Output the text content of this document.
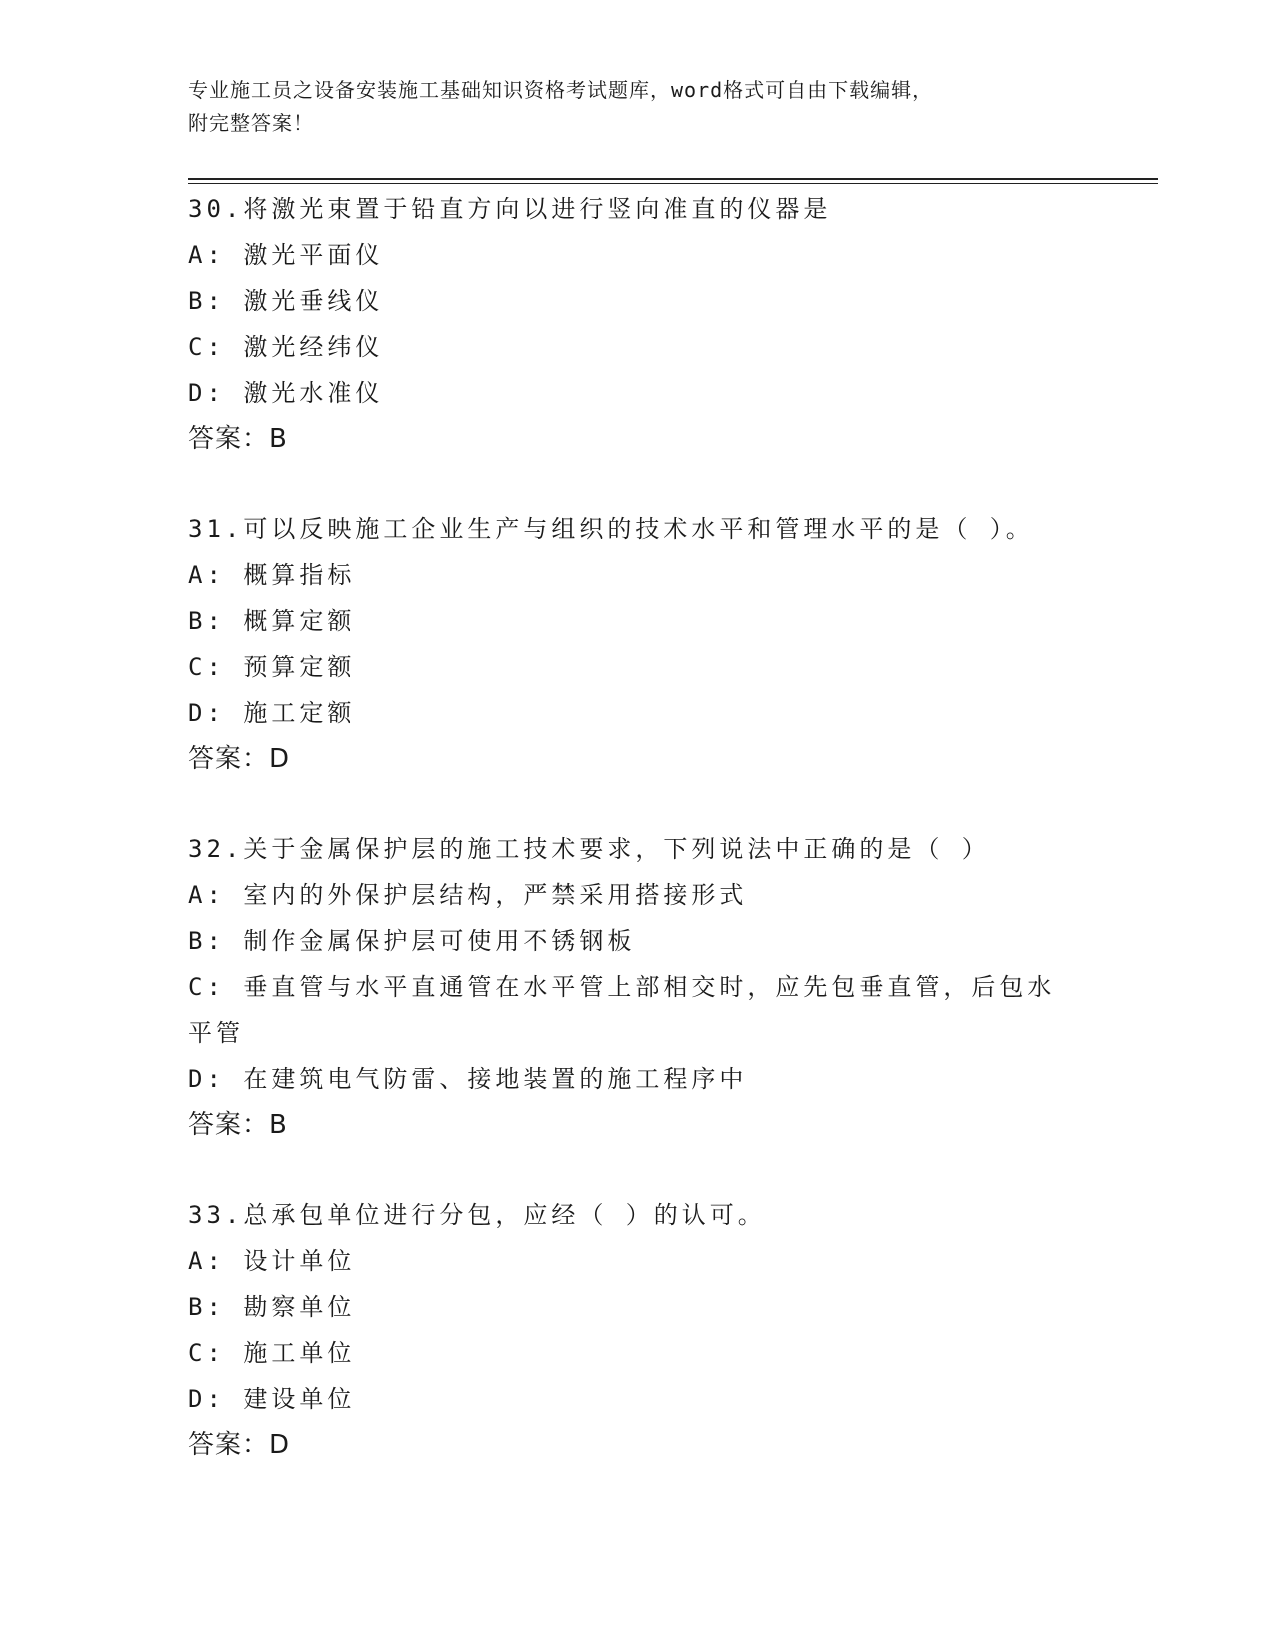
专业施工员之设备安装施工基础知识资格考试题库，word格式可自由下载编辑，
附完整答案！
30.将激光束置于铅直方向以进行竖向准直的仪器是
A: 激光平面仪
B: 激光垂线仪
C: 激光经纬仪
D: 激光水准仪
答案：B
31.可以反映施工企业生产与组织的技术水平和管理水平的是（ ）。
A: 概算指标
B: 概算定额
C: 预算定额
D: 施工定额
答案：D
32.关于金属保护层的施工技术要求，下列说法中正确的是（ ）
A: 室内的外保护层结构，严禁采用搭接形式
B: 制作金属保护层可使用不锈钢板
C: 垂直管与水平直通管在水平管上部相交时，应先包垂直管，后包水
平管
D: 在建筑电气防雷、接地装置的施工程序中
答案：B
33.总承包单位进行分包，应经（ ）的认可。
A: 设计单位
B: 勘察单位
C: 施工单位
D: 建设单位
答案：D
